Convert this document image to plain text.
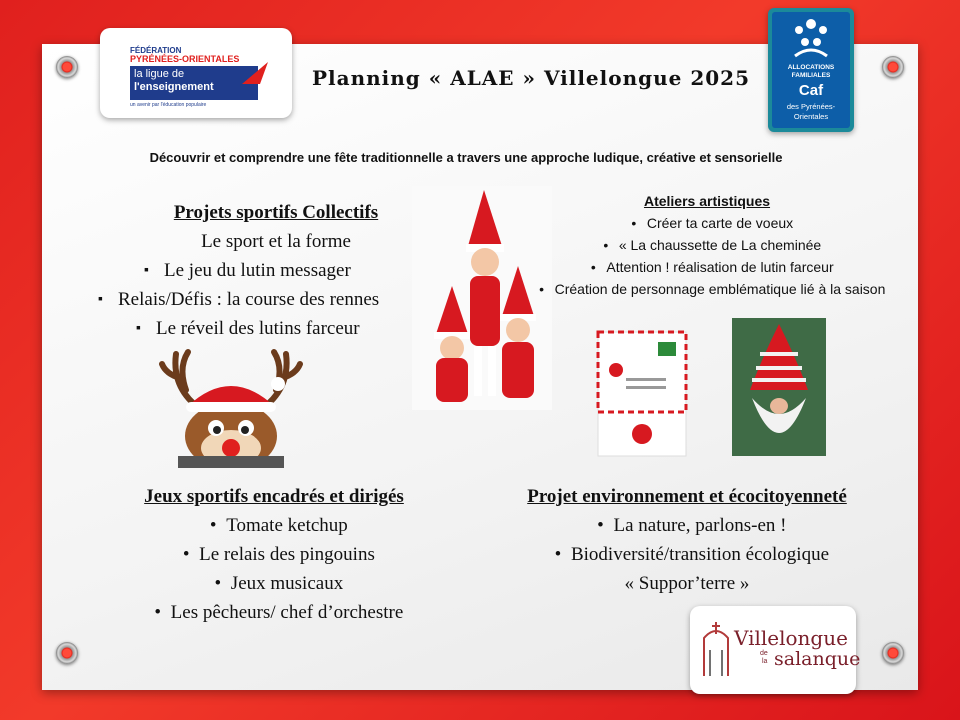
FÉDÉRATION
PYRÉNÉES-ORIENTALES
la ligue de
l'enseignement
un avenir par l'éducation populaire
ALLOCATIONS
FAMILIALES
Caf
des Pyrénées-
Orientales
Planning « ALAE » Villelongue 2025
Découvrir et comprendre une fête traditionnelle a travers une approche ludique, créative et sensorielle
Projets sportifs Collectifs
Le sport et la forme
▪ Le jeu du lutin messager
▪ Relais/Défis : la course des rennes
▪ Le réveil des lutins farceur
Ateliers artistiques
• Créer ta carte de voeux
• « La chaussette de La cheminée
• Attention ! réalisation de lutin farceur
• Création de personnage emblématique lié à la saison
Jeux sportifs encadrés et dirigés
• Tomate ketchup
• Le relais des pingouins
• Jeux musicaux
• Les pêcheurs/ chef d’orchestre
Projet environnement et écocitoyenneté
• La nature, parlons-en !
• Biodiversité/transition écologique
« Suppor’terre »
Villelongue
de
la salanque
